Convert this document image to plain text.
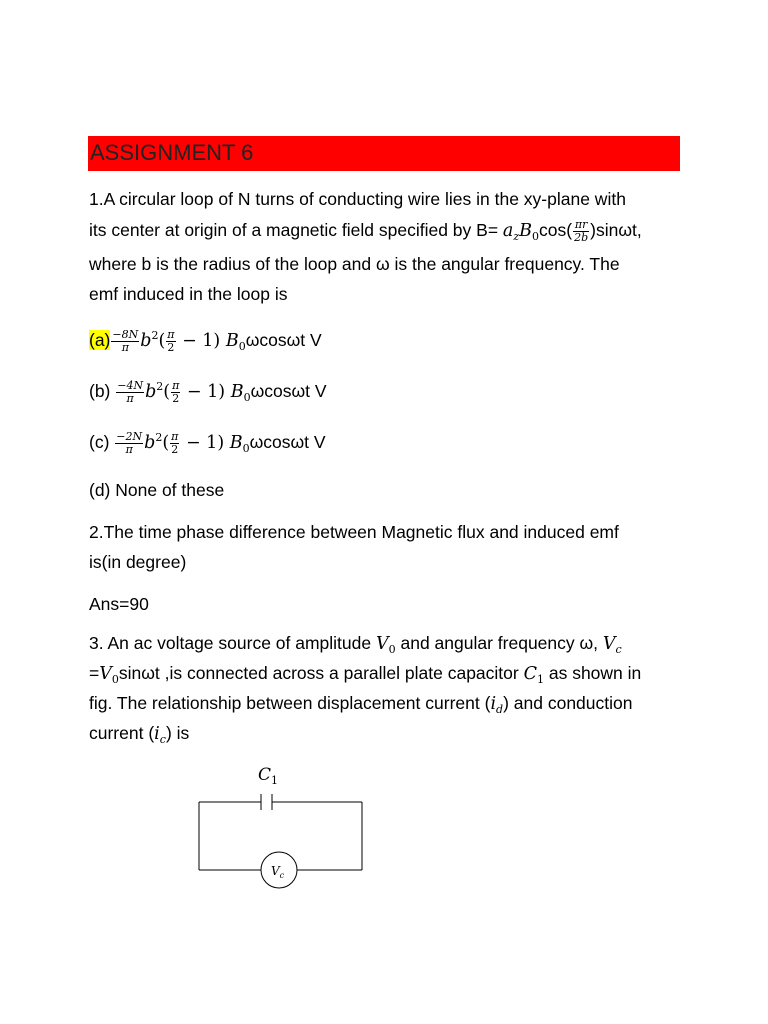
ASSIGNMENT 6
1.A circular loop of N turns of conducting wire lies in the xy-plane with
its center at origin of a magnetic field specified by $B= a_zB_0\cos( \frac{\pi r}{2b} )\sin\omega t$,
where b is the radius of the loop and ω is the angular frequency. The
emf induced in the loop is
$(a) \frac{-8N}{\pi} b^2( \frac{\pi}{2} - 1)$ $B_0\omega\cos\omega t$ V
$(b) \frac{-4N}{\pi} b^2( \frac{\pi}{2} - 1)$ $B_0\omega\cos\omega t$ V
$(c) \frac{-2N}{\pi} b^2( \frac{\pi}{2} - 1)$ $B_0\omega\cos\omega t$ V
(d) None of these
2.The time phase difference between Magnetic flux and induced emf
is(in degree)
Ans=90
3. An ac voltage source of amplitude $V_0$ and angular frequency ω, $V_c$
$=V_0\sin\omega t$ ,is connected across a parallel plate capacitor $C_1$ as shown in
fig. The relationship between displacement current $(i_d)$ and conduction
current $(i_c)$ is
$C_1$
$V_c$
